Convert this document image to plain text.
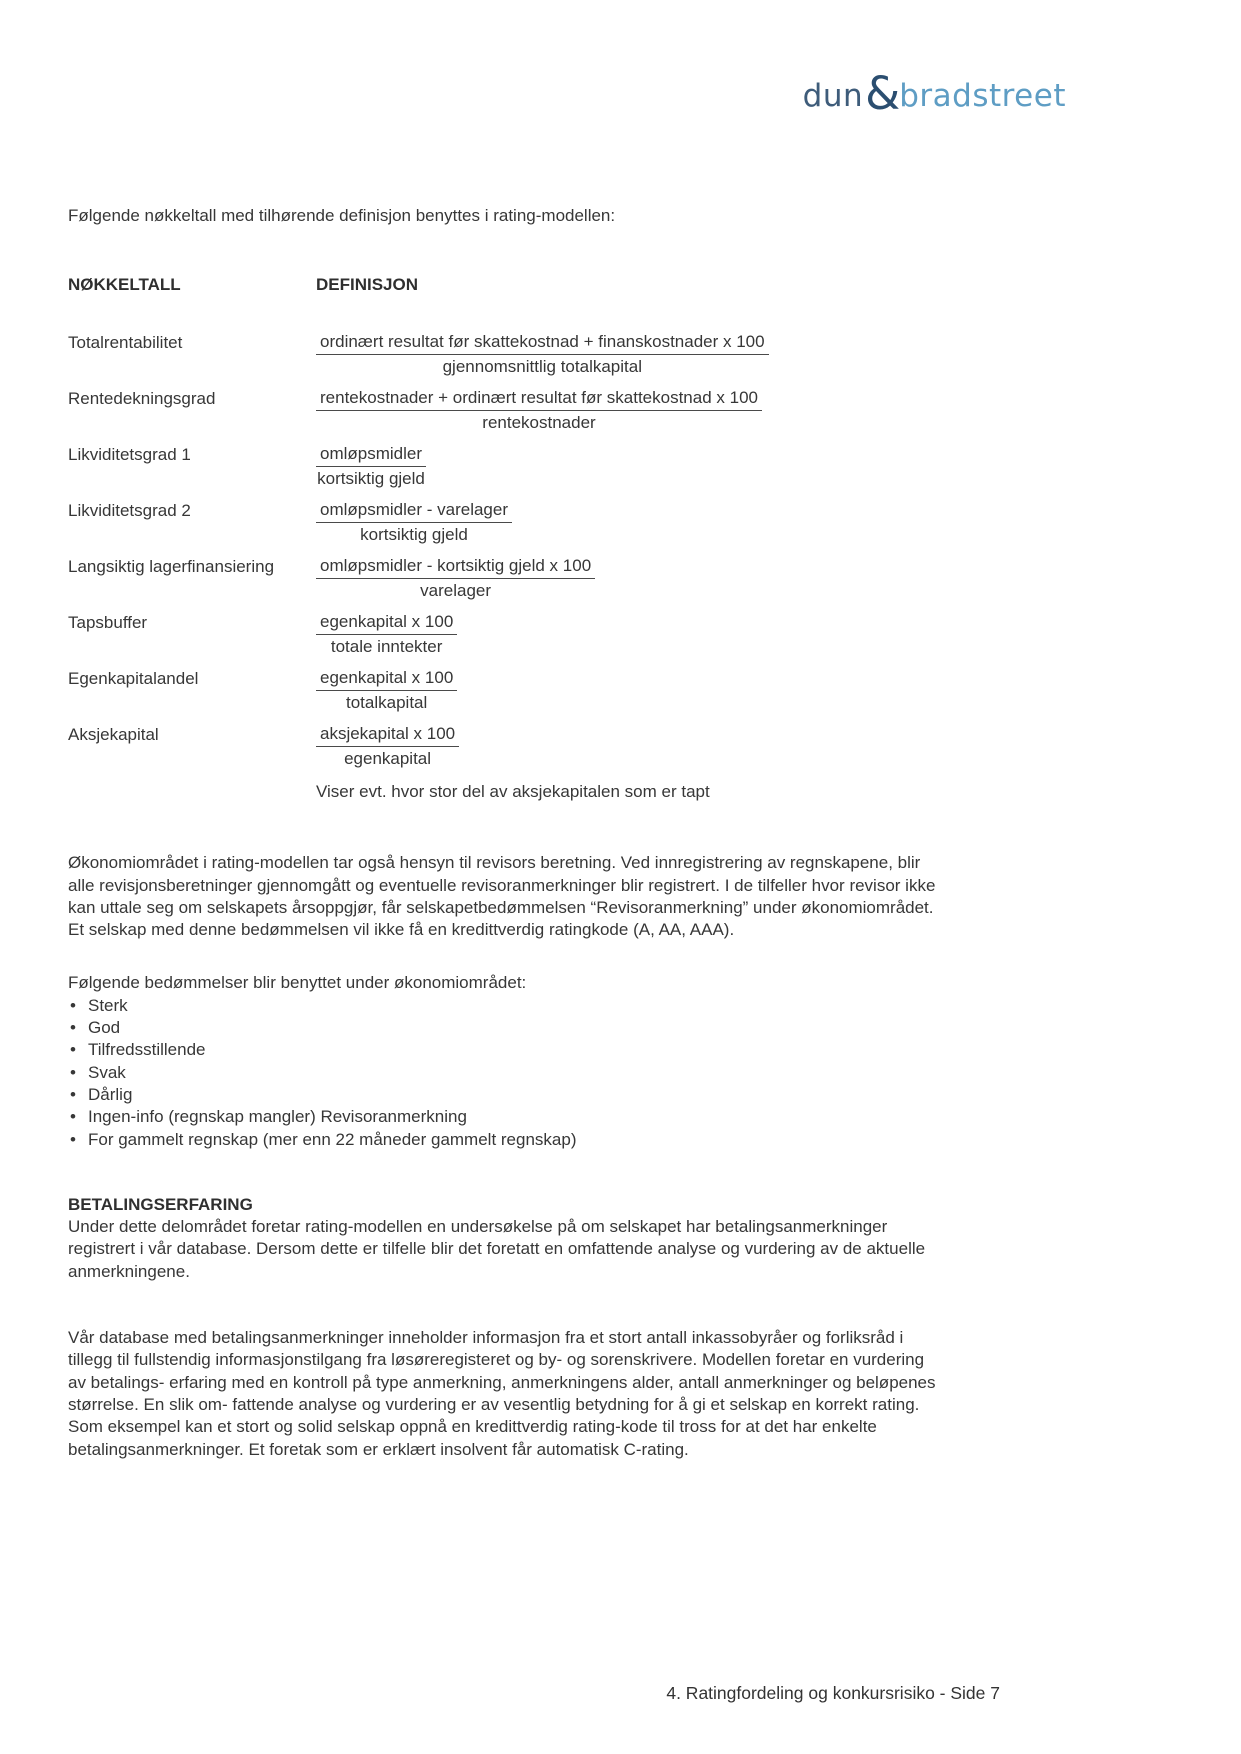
dun & bradstreet

Følgende nøkkeltall med tilhørende definisjon benyttes i rating-modellen:

NØKKELTALL	DEFINISJON
Totalrentabilitet	$\frac{\text{ordinært resultat før skattekostnad + finanskostnader x 100}}{\text{gjennomsnittlig totalkapital}}$
Rentedekningsgrad	$\frac{\text{rentekostnader + ordinært resultat før skattekostnad x 100}}{\text{rentekostnader}}$
Likviditetsgrad 1	$\frac{\text{omløpsmidler}}{\text{kortsiktig gjeld}}$
Likviditetsgrad 2	$\frac{\text{omløpsmidler - varelager}}{\text{kortsiktig gjeld}}$
Langsiktig lagerfinansiering	$\frac{\text{omløpsmidler - kortsiktig gjeld x 100}}{\text{varelager}}$
Tapsbuffer	$\frac{\text{egenkapital x 100}}{\text{totale inntekter}}$
Egenkapitalandel	$\frac{\text{egenkapital x 100}}{\text{totalkapital}}$
Aksjekapital	$\frac{\text{aksjekapital x 100}}{\text{egenkapital}}$
Viser evt. hvor stor del av aksjekapitalen som er tapt

Økonomiområdet i rating-modellen tar også hensyn til revisors beretning. Ved innregistrering av regnskapene, blir alle revisjonsberetninger gjennomgått og eventuelle revisoranmerkninger blir registrert. I de tilfeller hvor revisor ikke kan uttale seg om selskapets årsoppgjør, får selskapetbedømmelsen “Revisoranmerkning” under økonomiområdet. Et selskap med denne bedømmelsen vil ikke få en kredittverdig ratingkode (A, AA, AAA).

Følgende bedømmelser blir benyttet under økonomiområdet:

• Sterk
• God
• Tilfredsstillende
• Svak
• Dårlig
• Ingen-info (regnskap mangler) Revisoranmerkning
• For gammelt regnskap (mer enn 22 måneder gammelt regnskap)
BETALINGSERFARING

Under dette delområdet foretar rating-modellen en undersøkelse på om selskapet har betalingsanmerkninger registrert i vår database. Dersom dette er tilfelle blir det foretatt en omfattende analyse og vurdering av de aktuelle anmerkningene.

Vår database med betalingsanmerkninger inneholder informasjon fra et stort antall inkassobyråer og forliksråd i tillegg til fullstendig informasjonstilgang fra løsøreregisteret og by- og sorenskrivere. Modellen foretar en vurdering av betalings- erfaring med en kontroll på type anmerkning, anmerkningens alder, antall anmerkninger og beløpenes størrelse. En slik om- fattende analyse og vurdering er av vesentlig betydning for å gi et selskap en korrekt rating. Som eksempel kan et stort og solid selskap oppnå en kredittverdig rating-kode til tross for at det har enkelte betalingsanmerkninger. Et foretak som er erklært insolvent får automatisk C-rating.

4. Ratingfordeling og konkursrisiko - Side 7
